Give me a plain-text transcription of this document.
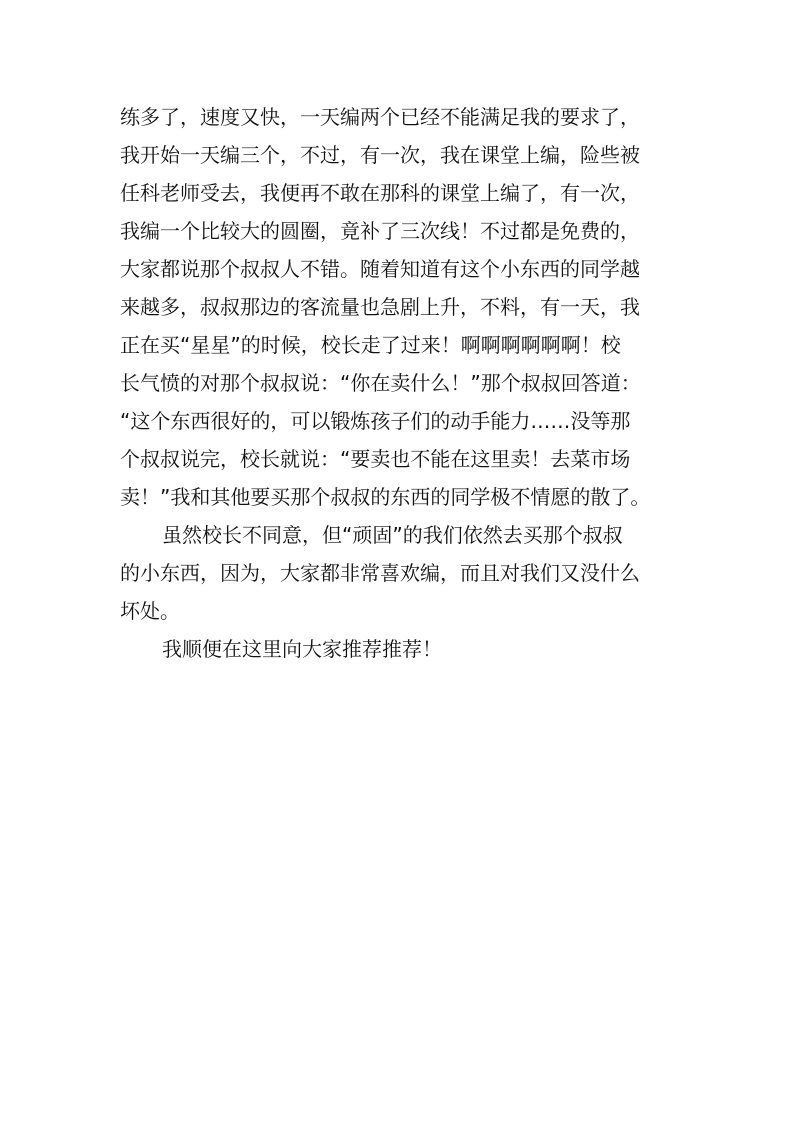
练多了，速度又快，一天编两个已经不能满足我的要求了，
我开始一天编三个，不过，有一次，我在课堂上编，险些被
任科老师受去，我便再不敢在那科的课堂上编了，有一次，
我编一个比较大的圆圈，竟补了三次线！不过都是免费的，
大家都说那个叔叔人不错。随着知道有这个小东西的同学越
来越多，叔叔那边的客流量也急剧上升，不料，有一天，我
正在买“星星”的时候，校长走了过来！啊啊啊啊啊啊！校
长气愤的对那个叔叔说：“你在卖什么！”那个叔叔回答道：
“这个东西很好的，可以锻炼孩子们的动手能力……没等那
个叔叔说完，校长就说：“要卖也不能在这里卖！去菜市场
卖！”我和其他要买那个叔叔的东西的同学极不情愿的散了。
虽然校长不同意，但“顽固”的我们依然去买那个叔叔
的小东西，因为，大家都非常喜欢编，而且对我们又没什么
坏处。
我顺便在这里向大家推荐推荐！
